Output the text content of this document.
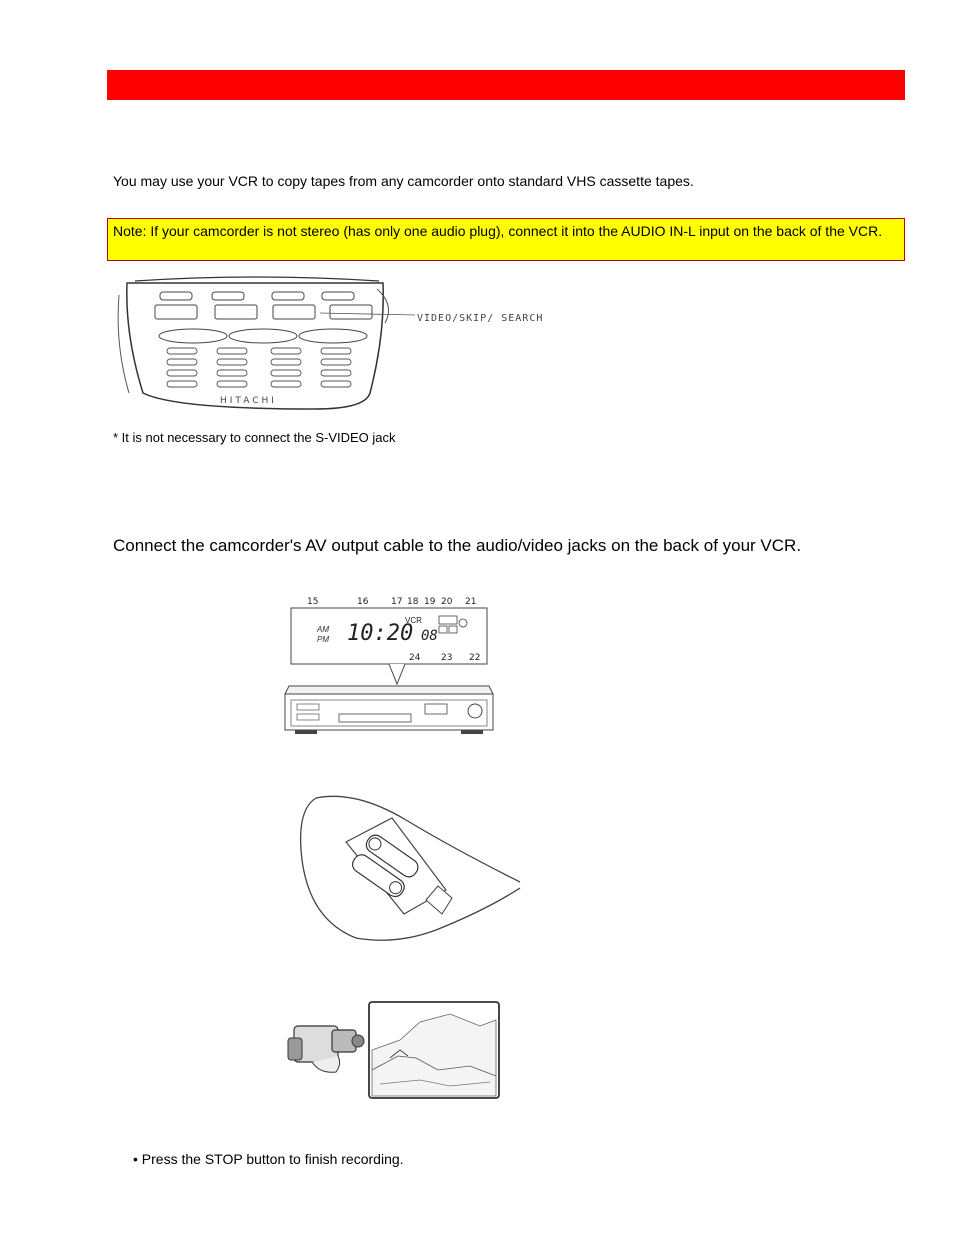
You may use your VCR to copy tapes from any camcorder onto standard VHS cassette tapes.
Note: If your camcorder is not stereo (has only one audio plug), connect it into the AUDIO IN-L input on the back of the VCR.
VIDEO/SKIP/ SEARCH
HITACHI
* It is not necessary to connect the S-VIDEO jack
Connect the camcorder's AV output cable to the audio/video jacks on the back of your VCR.
15	16	17 18 19 20 21
AM
PM 10:20 08
VCR
24 23 22
• Press the STOP button to finish recording.
